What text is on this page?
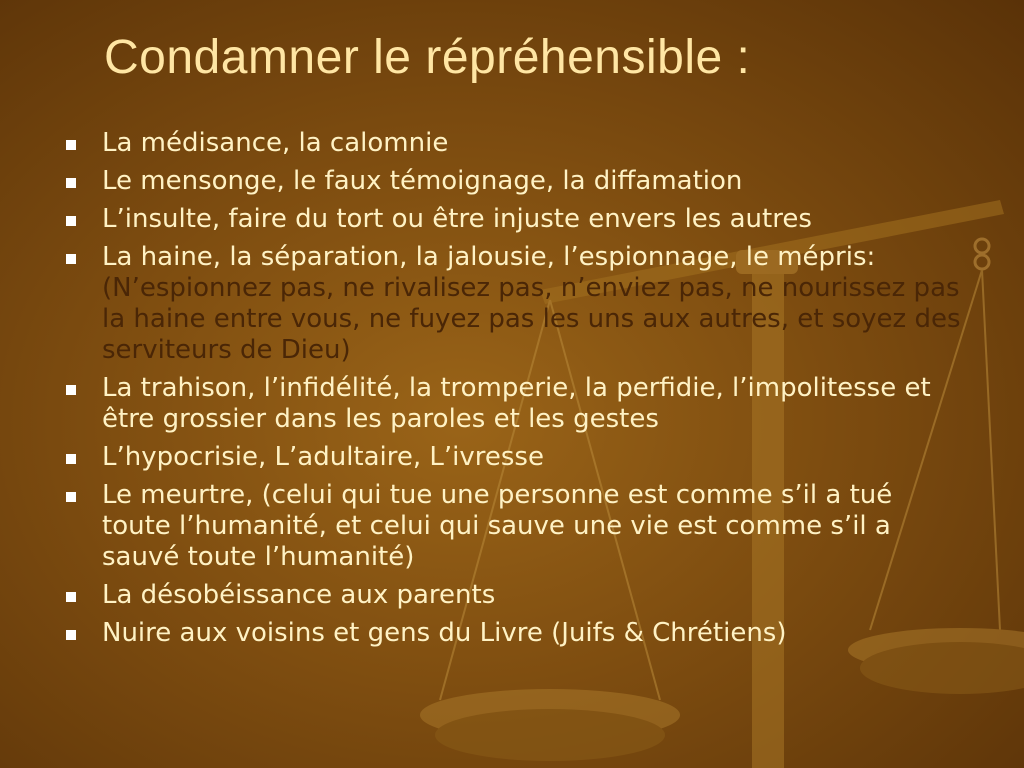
Condamner le répréhensible :
La médisance, la calomnie
Le mensonge, le faux témoignage, la diffamation
L’insulte, faire du tort ou être injuste envers les autres
La haine, la séparation, la jalousie, l’espionnage, le mépris: (N’espionnez pas, ne rivalisez pas, n’enviez pas, ne nourissez pas la haine entre vous, ne fuyez pas les uns aux autres, et soyez des serviteurs de Dieu)
La trahison, l’infidélité, la tromperie, la perfidie, l’impolitesse et être grossier dans les paroles et les gestes
L’hypocrisie, L’adultaire, L’ivresse
Le meurtre, (celui qui tue une personne est comme s’il a tué toute l’humanité, et celui qui sauve une vie est comme s’il a sauvé toute l’humanité)
La désobéissance aux parents
Nuire aux voisins et gens du Livre (Juifs & Chrétiens)
